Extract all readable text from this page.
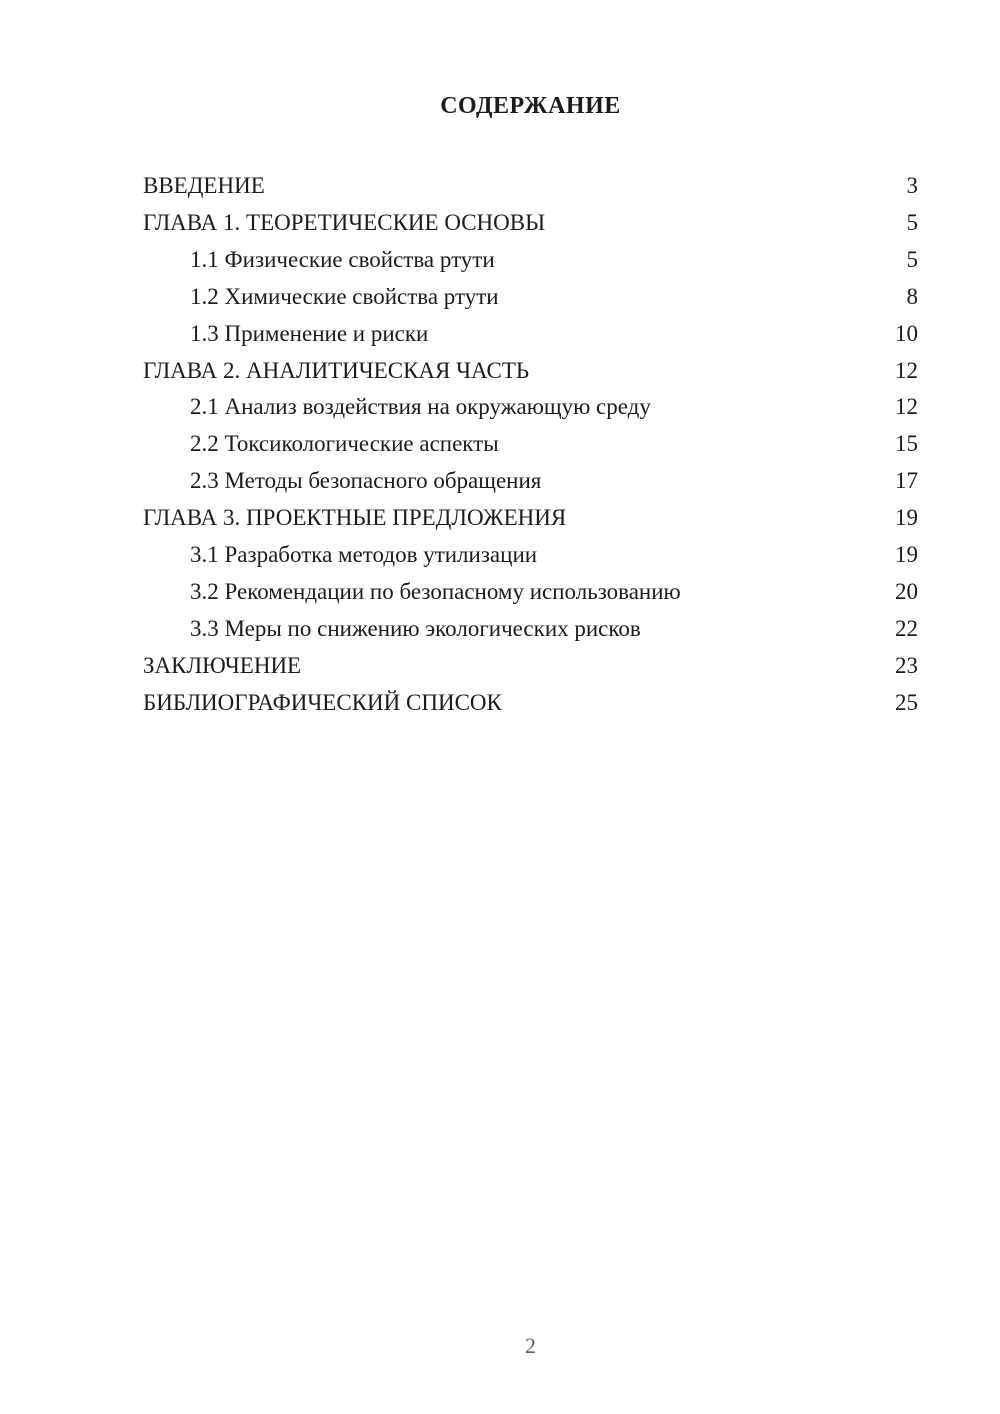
СОДЕРЖАНИЕ
ВВЕДЕНИЕ	3
ГЛАВА 1. ТЕОРЕТИЧЕСКИЕ ОСНОВЫ	5
1.1 Физические свойства ртути	5
1.2 Химические свойства ртути	8
1.3 Применение и риски	10
ГЛАВА 2. АНАЛИТИЧЕСКАЯ ЧАСТЬ	12
2.1 Анализ воздействия на окружающую среду	12
2.2 Токсикологические аспекты	15
2.3 Методы безопасного обращения	17
ГЛАВА 3. ПРОЕКТНЫЕ ПРЕДЛОЖЕНИЯ	19
3.1 Разработка методов утилизации	19
3.2 Рекомендации по безопасному использованию	20
3.3 Меры по снижению экологических рисков	22
ЗАКЛЮЧЕНИЕ	23
БИБЛИОГРАФИЧЕСКИЙ СПИСОК	25
2
